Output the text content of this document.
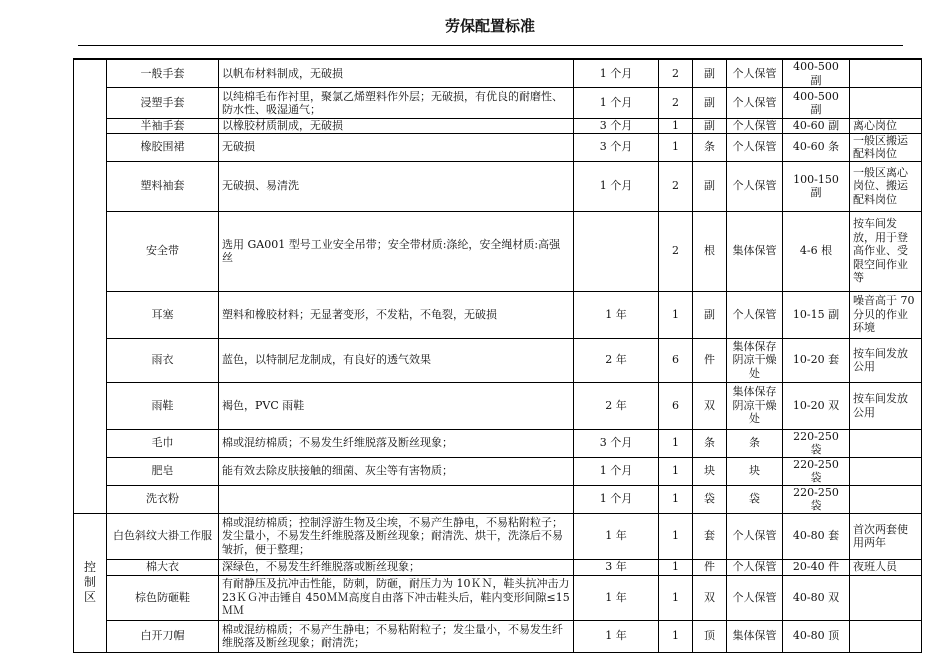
劳保配置标准
	一般手套	以帆布材料制成，无破损	1 个月	2	副	个人保管	400-500 副	
	浸塑手套	以纯棉毛布作衬里，聚氯乙烯塑料作外层；无破损，有优良的耐磨性、防水性、吸湿通气；	1 个月	2	副	个人保管	400-500 副	
	半袖手套	以橡胶材质制成，无破损	3 个月	1	副	个人保管	40-60 副	离心岗位
	橡胶围裙	无破损	3 个月	1	条	个人保管	40-60 条	一般区搬运配料岗位
	塑料袖套	无破损、易清洗	1 个月	2	副	个人保管	100-150 副	一般区离心岗位、搬运配料岗位
	安全带	选用 GA001 型号工业安全吊带；安全带材质:涤纶，安全绳材质:高强丝		2	根	集体保管	4-6 根	按车间发放，用于登高作业、受限空间作业等
	耳塞	塑料和橡胶材料；无显著变形，不发粘，不龟裂，无破损	1 年	1	副	个人保管	10-15 副	噪音高于 70 分贝的作业环境
	雨衣	蓝色，以特制尼龙制成，有良好的透气效果	2 年	6	件	集体保存阴凉干燥处	10-20 套	按车间发放公用
	雨鞋	褐色，PVC 雨鞋	2 年	6	双	集体保存阴凉干燥处	10-20 双	按车间发放公用
	毛巾	棉或混纺棉质；不易发生纤维脱落及断丝现象；	3 个月	1	条	条	220-250 袋	
	肥皂	能有效去除皮肤接触的细菌、灰尘等有害物质；	1 个月	1	块	块	220-250 袋	
	洗衣粉		1 个月	1	袋	袋	220-250 袋	
控制区	白色斜纹大褂工作服	棉或混纺棉质；控制浮游生物及尘埃，不易产生静电，不易粘附粒子；发尘量小，不易发生纤维脱落及断丝现象；耐清洗、烘干，洗涤后不易皱折，便于整理；	1 年	1	套	个人保管	40-80 套	首次两套使用两年
	棉大衣	深绿色，不易发生纤维脱落或断丝现象；	3 年	1	件	个人保管	20-40 件	夜班人员
	棕色防砸鞋	有耐静压及抗冲击性能，防刺，防砸，耐压力为 10ＫＮ，鞋头抗冲击力 23ＫＧ冲击锤自 450ＭＭ高度自由落下冲击鞋头后，鞋内变形间隙≤15ＭＭ	1 年	1	双	个人保管	40-80 双	
	白开刀帽	棉或混纺棉质；不易产生静电；不易粘附粒子；发尘量小，不易发生纤维脱落及断丝现象；耐清洗；	1 年	1	顶	集体保管	40-80 顶	
